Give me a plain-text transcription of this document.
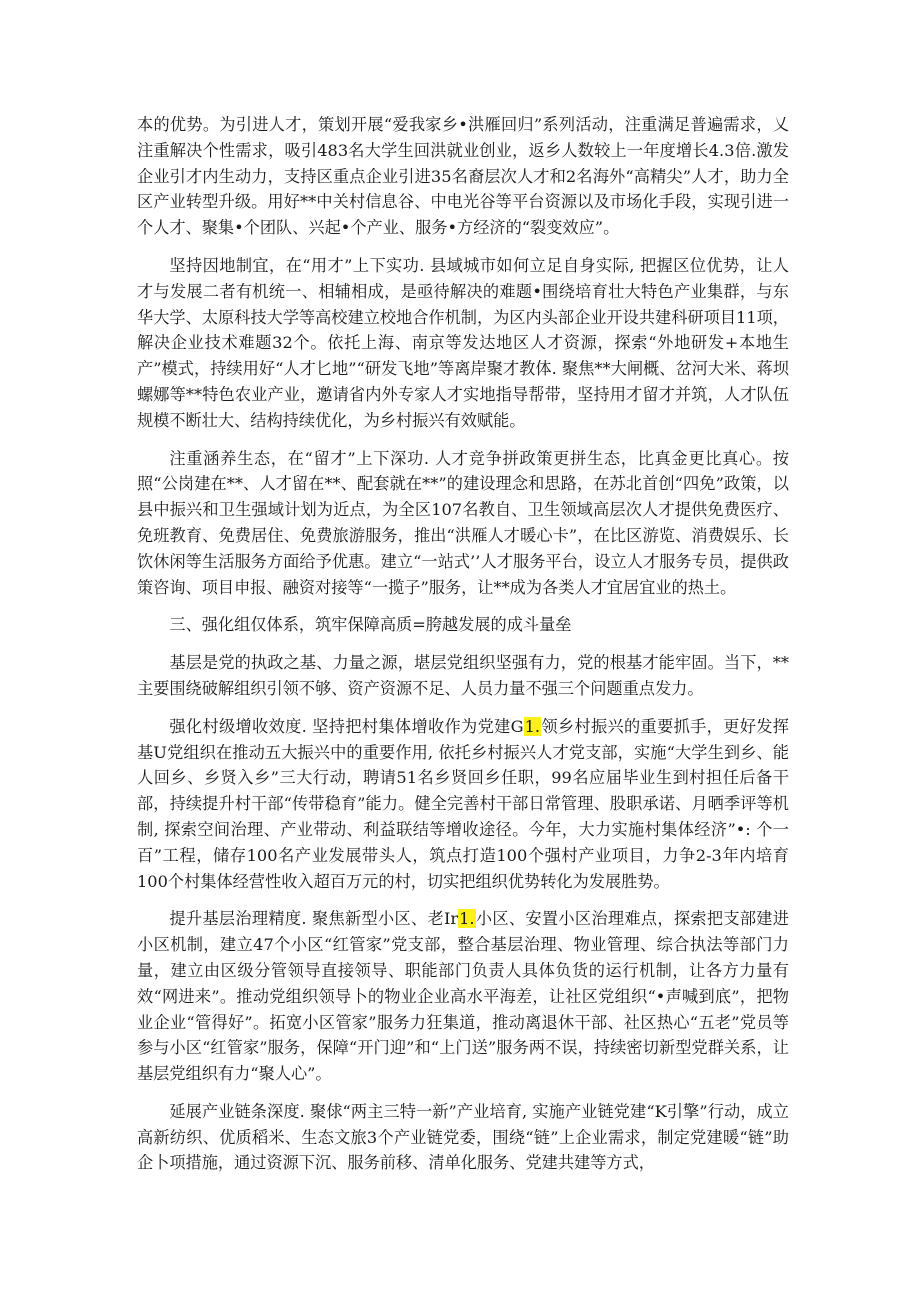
本的优势。为引进人才，策划开展“爱我家乡•洪雁回归”系列活动，注重满足普遍需求，乂注重解决个性需求，吸引483名大学生回洪就业创业，返乡人数较上一年度增长4.3倍.激发企业引才内生动力，支持区重点企业引进35名裔层次人才和2名海外“高精尖”人才，助力全区产业转型升级。用好**中关村信息谷、中电光谷等平台资源以及市场化手段，实现引进一个人才、聚集•个团队、兴起•个产业、服务•方经济的“裂变效应”。

坚持因地制宜，在“用才”上下实功. 县域城市如何立足自身实际, 把握区位优势，让人才与发展二者有机统一、相辅相成，是亟待解决的难题•围绕培育壮大特色产业集群，与东华大学、太原科技大学等高校建立校地合作机制，为区内头部企业开设共建科研项目11项，解决企业技术难题32个。依托上海、南京等发达地区人才资源，探索“外地研发+本地生产”模式，持续用好“人才匕地”“研发飞地”等离岸聚才教体. 聚焦**大闸概、岔河大米、蒋坝螺娜等**特色农业产业，邀请省内外专家人才实地指导帮带，坚持用才留才并筑，人才队伍规模不断壮大、结构持续优化，为乡村振兴有效赋能。

注重涵养生态，在“留才”上下深功. 人才竞争拼政策更拼生态，比真金更比真心。按照“公岗建在**、人才留在**、配套就在**”的建设理念和思路，在苏北首创“四免”政策，以县中振兴和卫生强域计划为近点，为全区107名教自、卫生领域高层次人才提供免费医疗、免班教育、免费居住、免费旅游服务，推出“洪雁人才暖心卡”，在比区游览、消费娱乐、长饮休闲等生活服务方面给予优惠。建立“一站式’’人才服务平台，设立人才服务专员，提供政策咨询、项目申报、融资对接等“一揽子”服务，让**成为各类人才宜居宜业的热土。

三、强化组仅体系，筑牢保障高质=胯越发展的成斗量垒

基层是党的执政之基、力量之源，堪层党组织坚强有力，党的根基才能牢固。当下，**主要围绕破解组织引领不够、资产资源不足、人员力量不强三个问题重点发力。

强化村级增收效度. 坚持把村集体增收作为党建G1.领乡村振兴的重要抓手，更好发挥基U党组织在推动五大振兴中的重要作用, 依托乡村振兴人才党支部，实施“大学生到乡、能人回乡、乡贤入乡”三大行动，聘请51名乡贤回乡任职，99名应届毕业生到村担任后备干部，持续提升村干部“传带稳育”能力。健全完善村干部日常管理、股职承诺、月晒季评等机制, 探索空间治理、产业带动、利益联结等增收途径。今年，大力实施村集体经济”•: 个一百”工程，储存100名产业发展带头人，筑点打造100个强村产业项目，力争2-3年内培育100个村集体经营性收入超百万元的村，切实把组织优势转化为发展胜势。

提升基层治理精度. 聚焦新型小区、老Ir1.小区、安置小区治理难点，探索把支部建进小区机制，建立47个小区“红管家”党支部，整合基层治理、物业管理、综合执法等部门力量，建立由区级分管领导直接领导、职能部门负责人具体负货的运行机制，让各方力量有效“网进来”。推动党组织领导卜的物业企业高水平海差，让社区党组织“•声喊到底”，把物业企业“管得好”。拓宽小区管家”服务力狂集道，推动离退休干部、社区热心“五老”党员等参与小区“红管家”服务，保障“开门迎”和“上门送”服务两不误，持续密切新型党群关系，让基层党组织有力“聚人心”。

延展产业链条深度. 聚俅“两主三特一新”产业培育, 实施产业链党建“K引擎”行动，成立高新纺织、优质稻米、生态文旅3个产业链党委，围绕“链”上企业需求，制定党建暖“链”助企卜项措施，通过资源下沉、服务前移、清单化服务、党建共建等方式，
